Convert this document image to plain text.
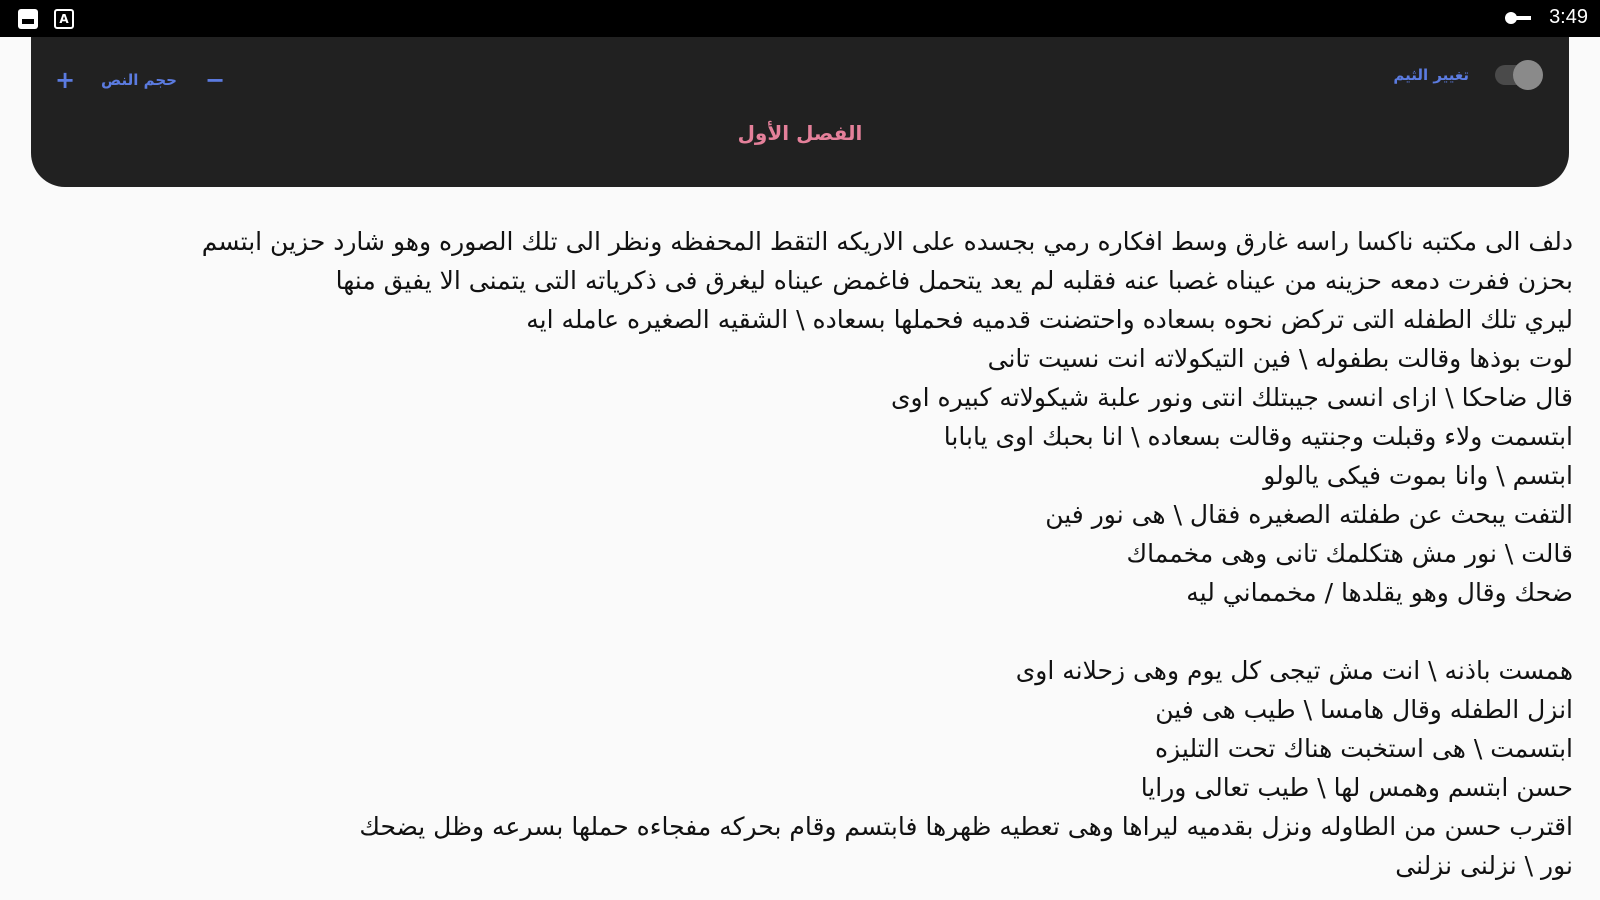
A	3:49
+ حجم النص −	تغيير الثيم
الفصل الأول
دلف الى مكتبه ناكسا راسه غارق وسط افكاره رمي بجسده على الاريكه التقط المحفظه ونظر الى تلك الصوره وهو شارد حزين ابتسم
بحزن ففرت دمعه حزينه من عيناه غصبا عنه فقلبه لم يعد يتحمل فاغمض عيناه ليغرق فى ذكرياته التى يتمنى الا يفيق منها
ليري تلك الطفله التى تركض نحوه بسعاده واحتضنت قدميه فحملها بسعاده \ الشقيه الصغيره عامله ايه
لوت بوذها وقالت بطفوله \ فين التيكولاته انت نسيت تانى
قال ضاحكا \ ازاى انسى جيبتلك انتى ونور علبة شيكولاته كبيره اوى
ابتسمت ولاء وقبلت وجنتيه وقالت بسعاده \ انا بحبك اوى يابابا
ابتسم \ وانا بموت فيكى يالولو
التفت يبحث عن طفلته الصغيره فقال \ هى نور فين
قالت \ نور مش هتكلمك تانى وهى مخمماك
ضحك وقال وهو يقلدها / مخمماني ليه
همست باذنه \ انت مش تيجى كل يوم وهى زحلانه اوى
انزل الطفله وقال هامسا \ طيب هى فين
ابتسمت \ هى استخبت هناك تحت التليزه
حسن ابتسم وهمس لها \ طيب تعالى ورايا
اقترب حسن من الطاوله ونزل بقدميه ليراها وهى تعطيه ظهرها فابتسم وقام بحركه مفجاءه حملها بسرعه وظل يضحك
نور \ نزلنى نزلنى
